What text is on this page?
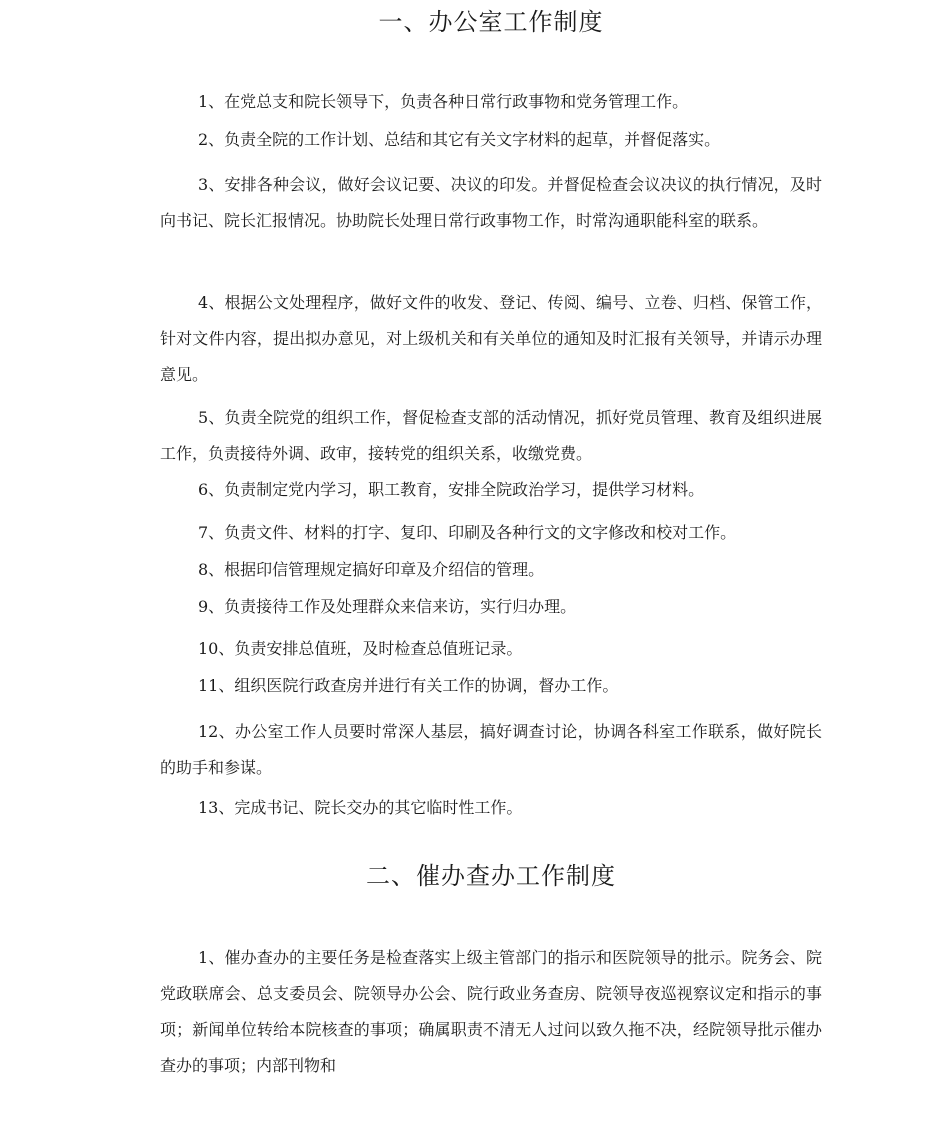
一、办公室工作制度

1、在党总支和院长领导下，负责各种日常行政事物和党务管理工作。

2、负责全院的工作计划、总结和其它有关文字材料的起草，并督促落实。

3、安排各种会议，做好会议记要、决议的印发。并督促检查会议决议的执行情况，及时向书记、院长汇报情况。协助院长处理日常行政事物工作，时常沟通职能科室的联系。

4、根据公文处理程序，做好文件的收发、登记、传阅、编号、立卷、归档、保管工作，针对文件内容，提出拟办意见，对上级机关和有关单位的通知及时汇报有关领导，并请示办理意见。

5、负责全院党的组织工作，督促检查支部的活动情况，抓好党员管理、教育及组织进展工作，负责接待外调、政审，接转党的组织关系，收缴党费。

6、负责制定党内学习，职工教育，安排全院政治学习，提供学习材料。

7、负责文件、材料的打字、复印、印刷及各种行文的文字修改和校对工作。

8、根据印信管理规定搞好印章及介绍信的管理。

9、负责接待工作及处理群众来信来访，实行归办理。

10、负责安排总值班，及时检查总值班记录。

11、组织医院行政查房并进行有关工作的协调，督办工作。

12、办公室工作人员要时常深人基层，搞好调查讨论，协调各科室工作联系，做好院长的助手和参谋。

13、完成书记、院长交办的其它临时性工作。

二、催办查办工作制度

1、催办查办的主要任务是检查落实上级主管部门的指示和医院领导的批示。院务会、院党政联席会、总支委员会、院领导办公会、院行政业务查房、院领导夜巡视察议定和指示的事项；新闻单位转给本院核查的事项；确属职责不清无人过问以致久拖不决，经院领导批示催办查办的事项；内部刊物和
